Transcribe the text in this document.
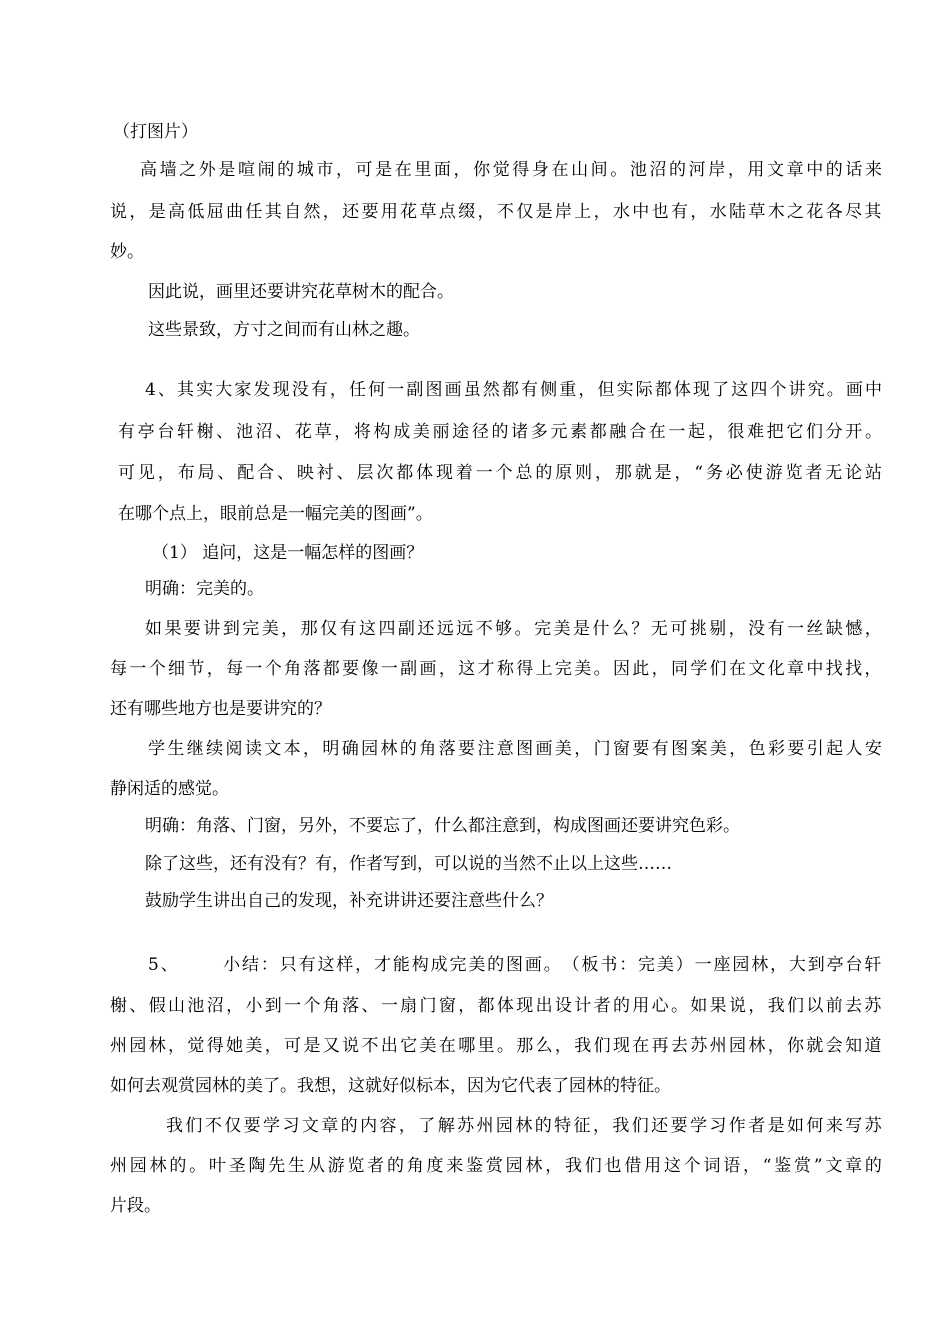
（打图片）
高 墙 之 外 是 喧 闹 的 城 市 ， 可 是 在 里 面 ， 你 觉 得 身 在 山 间 。 池 沼 的 河 岸 ， 用 文 章 中 的 话 来
说 ， 是 高 低 屈 曲 任 其 自 然 ， 还 要 用 花 草 点 缀 ， 不 仅 是 岸 上 ， 水 中 也 有 ， 水 陆 草 木 之 花 各 尽 其
妙。
因此说，画里还要讲究花草树木的配合。
这些景致，方寸之间而有山林之趣。
4 、 其 实 大 家 发 现 没 有 ， 任 何 一 副 图 画 虽 然 都 有 侧 重 ， 但 实 际 都 体 现 了 这 四 个 讲 究 。 画 中
有 亭 台 轩 榭 、 池 沼 、 花 草 ， 将 构 成 美 丽 途 径 的 诸 多 元 素 都 融 合 在 一 起 ， 很 难 把 它 们 分 开 。
可 见 ， 布 局 、 配 合 、 映 衬 、 层 次 都 体 现 着 一 个 总 的 原 则 ， 那 就 是 ， “ 务 必 使 游 览 者 无 论 站
在哪个点上，眼前总是一幅完美的图画”。
（1） 追问，这是一幅怎样的图画？
明确：完美的。
如 果 要 讲 到 完 美 ， 那 仅 有 这 四 副 还 远 远 不 够 。 完 美 是 什 么 ？ 无 可 挑 剔 ， 没 有 一 丝 缺 憾 ，
每 一 个 细 节 ， 每 一 个 角 落 都 要 像 一 副 画 ， 这 才 称 得 上 完 美 。 因 此 ， 同 学 们 在 文 化 章 中 找 找 ，
还有哪些地方也是要讲究的？
学 生 继 续 阅 读 文 本 ， 明 确 园 林 的 角 落 要 注 意 图 画 美 ， 门 窗 要 有 图 案 美 ， 色 彩 要 引 起 人 安
静闲适的感觉。
明确：角落、门窗，另外，不要忘了，什么都注意到，构成图画还要讲究色彩。
除了这些，还有没有？有，作者写到，可以说的当然不止以上这些……
鼓励学生讲出自己的发现，补充讲讲还要注意些什么？
5 、

	小 结 ： 只 有 这 样 ， 才 能 构 成 完 美 的 图 画 。 （ 板 书 ： 完 美 ） 一 座 园 林 ， 大 到 亭 台 轩
榭 、 假 山 池 沼 ， 小 到 一 个 角 落 、 一 扇 门 窗 ， 都 体 现 出 设 计 者 的 用 心 。 如 果 说 ， 我 们 以 前 去 苏
州 园 林 ， 觉 得 她 美 ， 可 是 又 说 不 出 它 美 在 哪 里 。 那 么 ， 我 们 现 在 再 去 苏 州 园 林 ， 你 就 会 知 道
如何去观赏园林的美了。我想，这就好似标本，因为它代表了园林的特征。
我 们 不 仅 要 学 习 文 章 的 内 容 ， 了 解 苏 州 园 林 的 特 征 ， 我 们 还 要 学 习 作 者 是 如 何 来 写 苏
州 园 林 的 。 叶 圣 陶 先 生 从 游 览 者 的 角 度 来 鉴 赏 园 林 ， 我 们 也 借 用 这 个 词 语 ， “ 鉴 赏 ” 文 章 的
片段。
